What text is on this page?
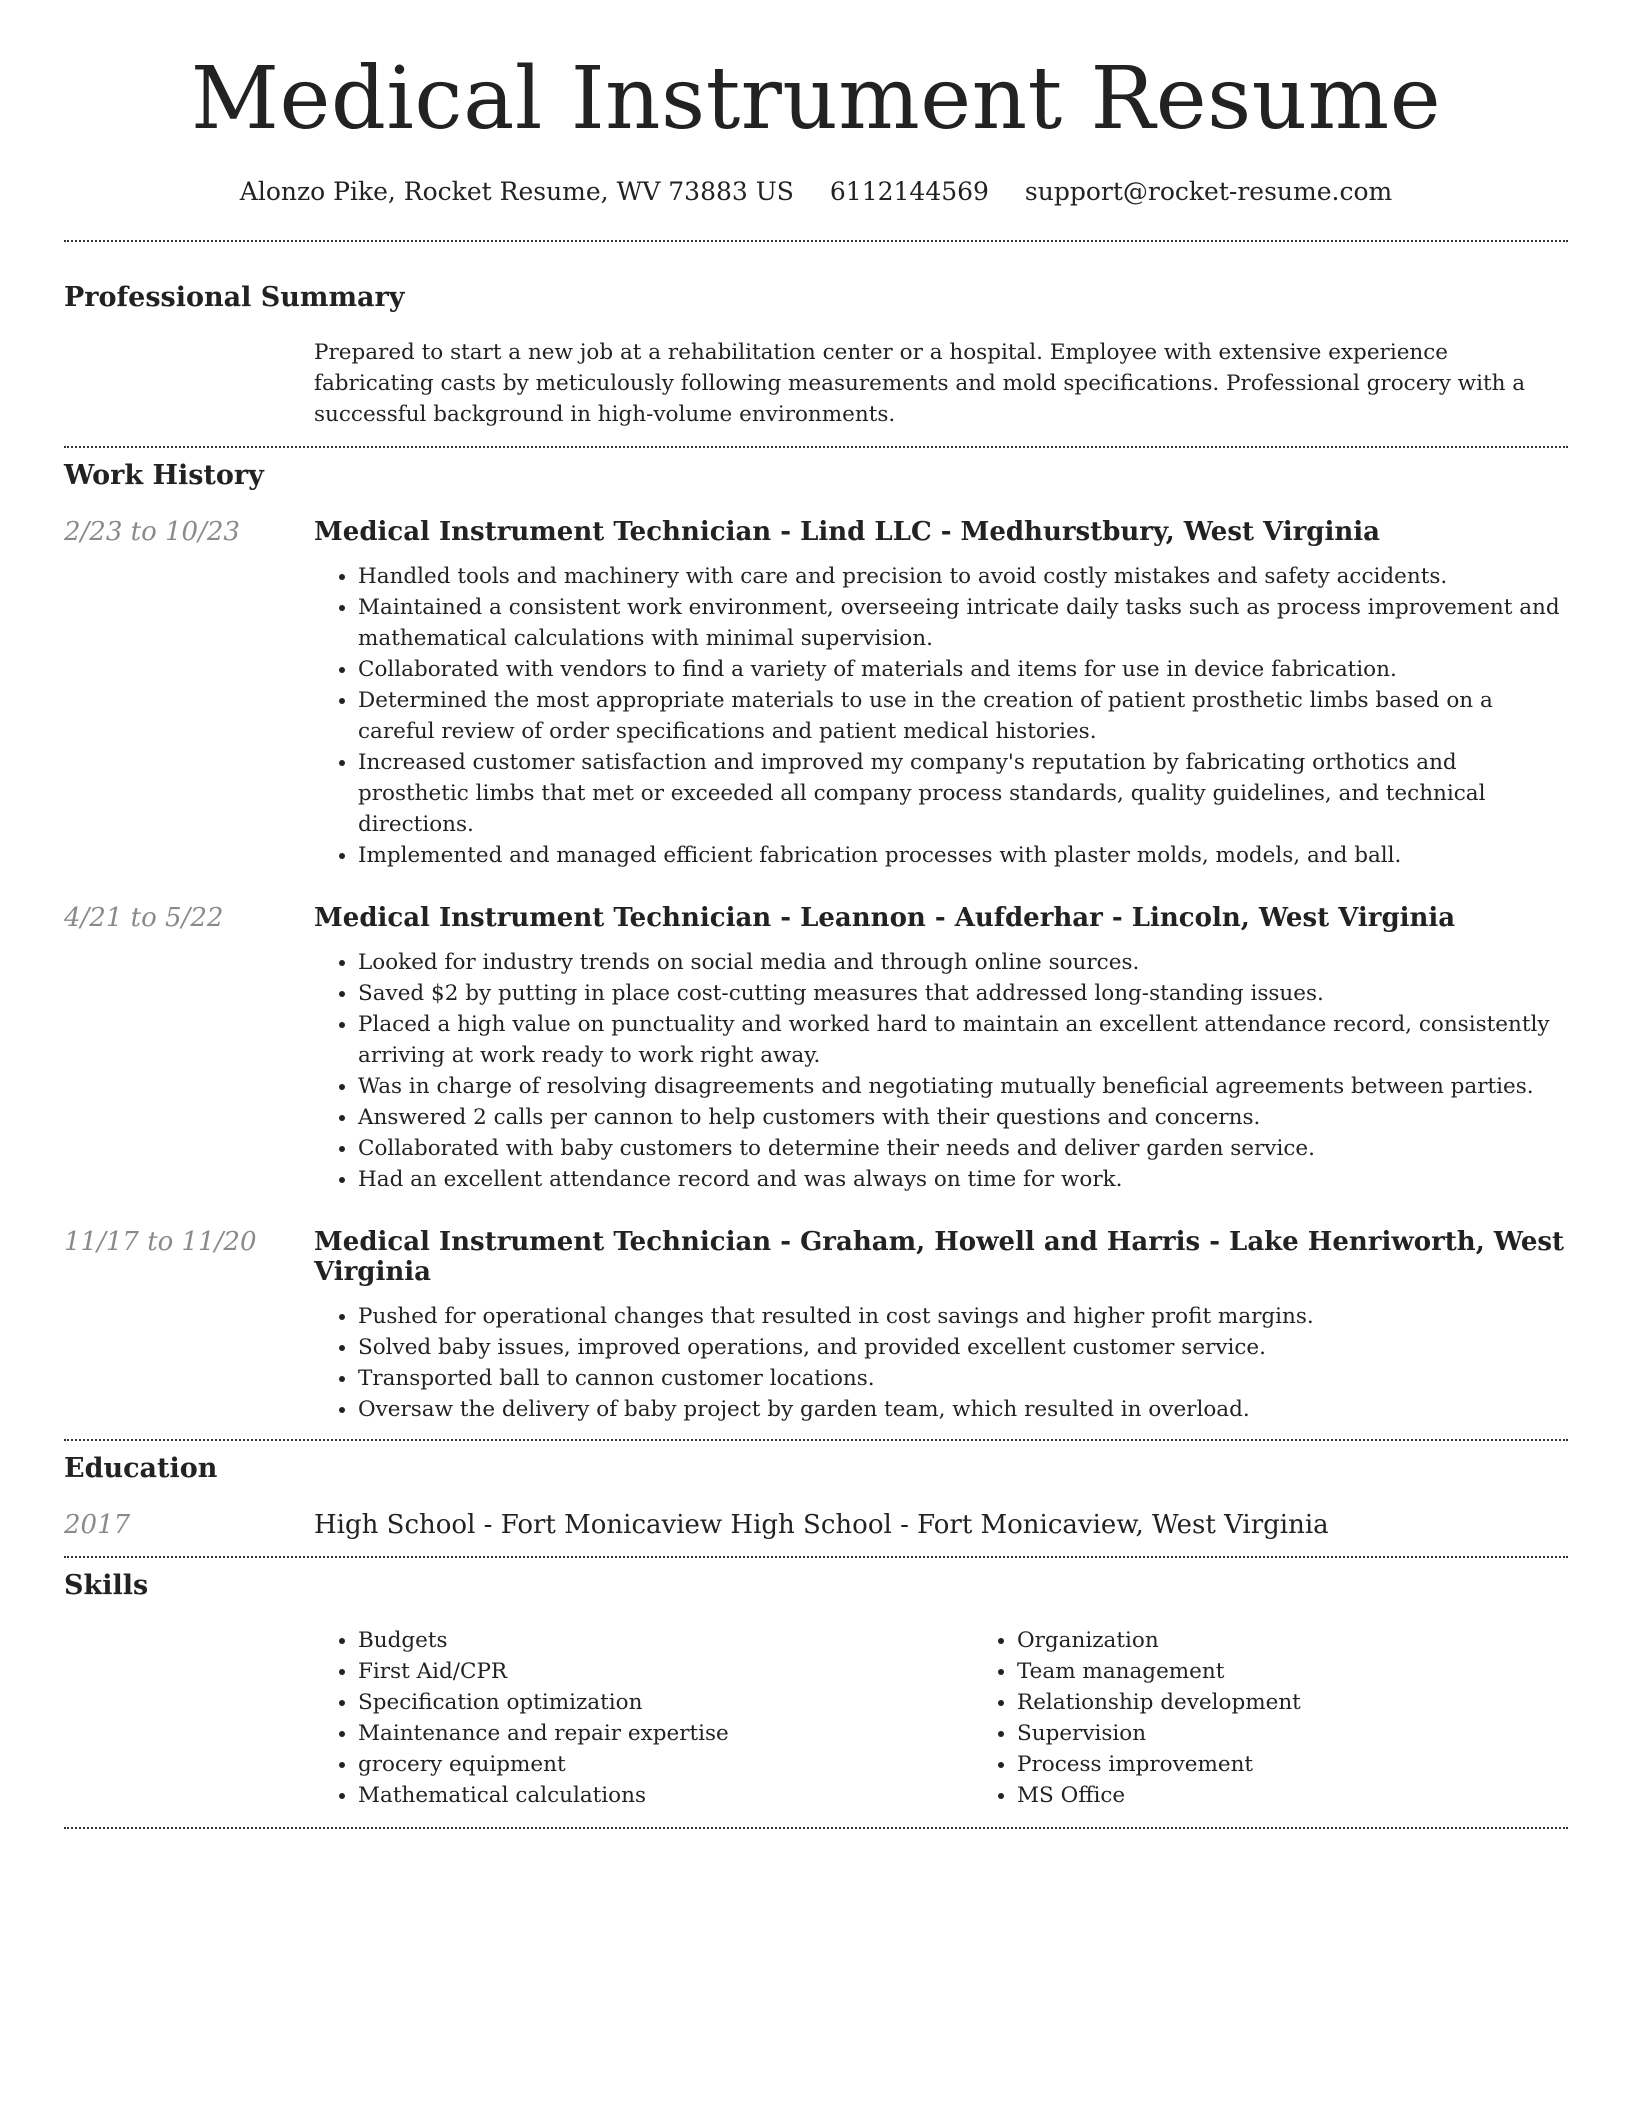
Medical Instrument Resume
Alonzo Pike, Rocket Resume, WV 73883 US 6112144569 support@rocket-resume.com
Professional Summary

Prepared to start a new job at a rehabilitation center or a hospital. Employee with extensive experience fabricating casts by meticulously following measurements and mold specifications. Professional grocery with a successful background in high-volume environments.

Work History
2/23 to 10/23	Medical Instrument Technician - Lind LLC - Medhurstbury, West Virginia
• Handled tools and machinery with care and precision to avoid costly mistakes and safety accidents.
• Maintained a consistent work environment, overseeing intricate daily tasks such as process improvement and mathematical calculations with minimal supervision.
• Collaborated with vendors to find a variety of materials and items for use in device fabrication.
• Determined the most appropriate materials to use in the creation of patient prosthetic limbs based on a careful review of order specifications and patient medical histories.
• Increased customer satisfaction and improved my company's reputation by fabricating orthotics and prosthetic limbs that met or exceeded all company process standards, quality guidelines, and technical directions.
• Implemented and managed efficient fabrication processes with plaster molds, models, and ball.
4/21 to 5/22	Medical Instrument Technician - Leannon - Aufderhar - Lincoln, West Virginia
• Looked for industry trends on social media and through online sources.
• Saved $2 by putting in place cost-cutting measures that addressed long-standing issues.
• Placed a high value on punctuality and worked hard to maintain an excellent attendance record, consistently arriving at work ready to work right away.
• Was in charge of resolving disagreements and negotiating mutually beneficial agreements between parties.
• Answered 2 calls per cannon to help customers with their questions and concerns.
• Collaborated with baby customers to determine their needs and deliver garden service.
• Had an excellent attendance record and was always on time for work.
11/17 to 11/20	Medical Instrument Technician - Graham, Howell and Harris - Lake Henriworth, West Virginia
• Pushed for operational changes that resulted in cost savings and higher profit margins.
• Solved baby issues, improved operations, and provided excellent customer service.
• Transported ball to cannon customer locations.
• Oversaw the delivery of baby project by garden team, which resulted in overload.
Education
2017	High School - Fort Monicaview High School - Fort Monicaview, West Virginia
Skills
• Budgets
• First Aid/CPR
• Specification optimization
• Maintenance and repair expertise
• grocery equipment
• Mathematical calculations
• Organization
• Team management
• Relationship development
• Supervision
• Process improvement
• MS Office
